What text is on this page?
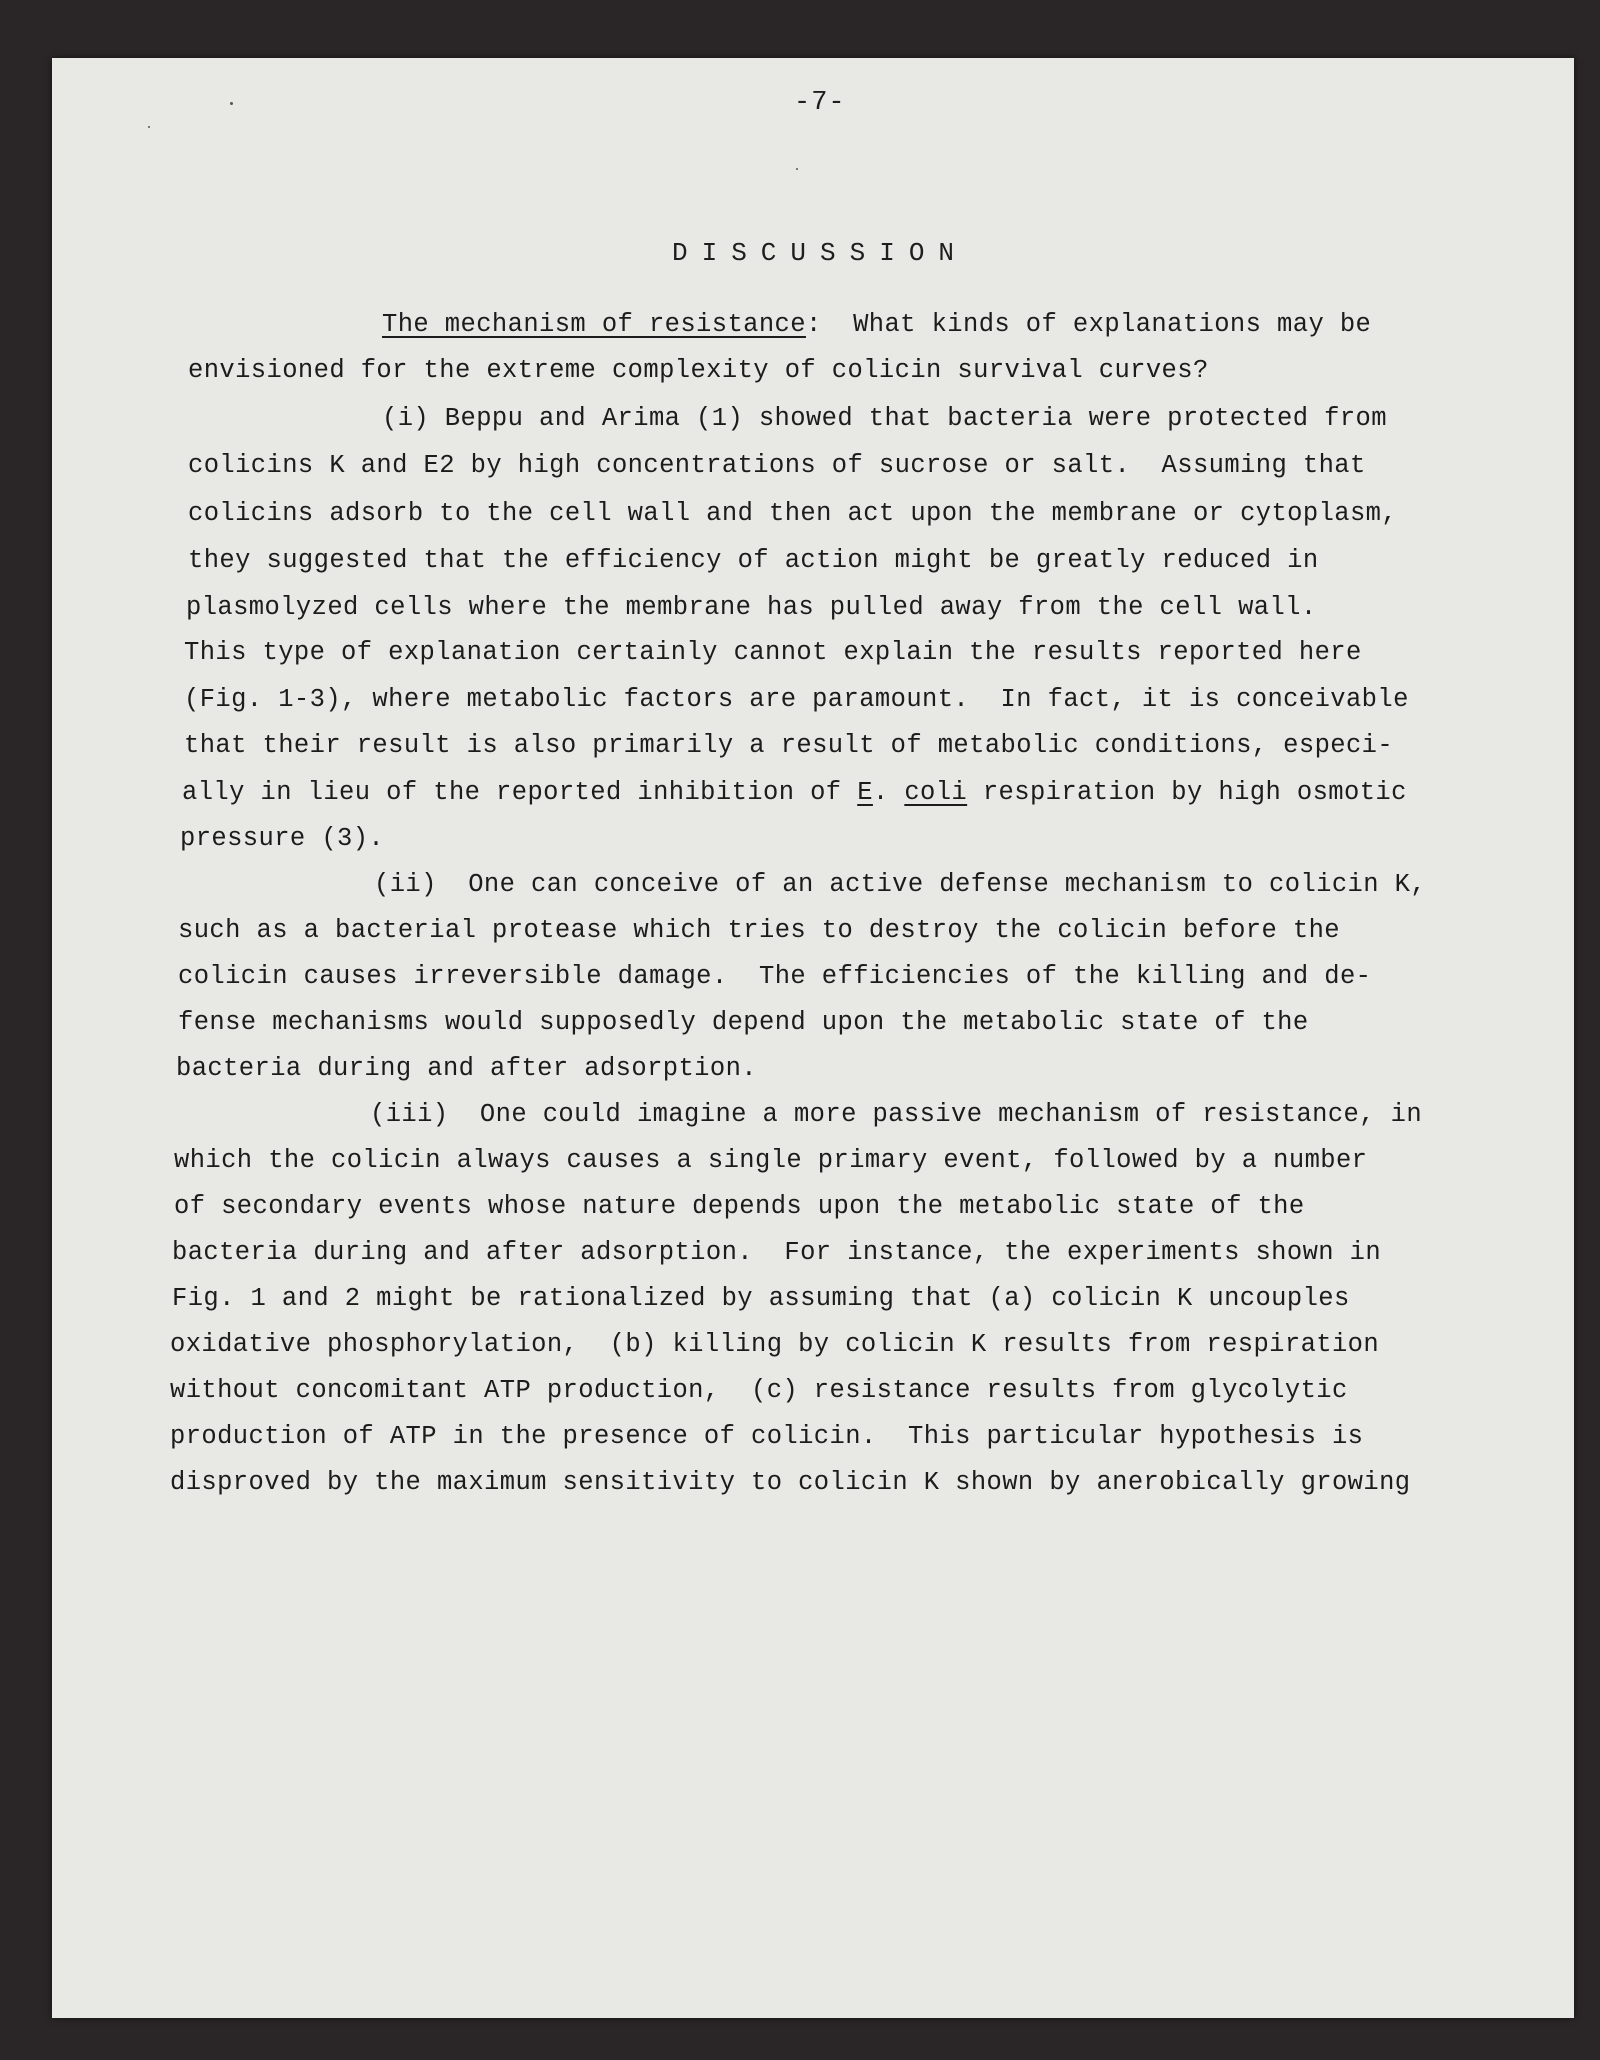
-7-
DISCUSSION
The mechanism of resistance:  What kinds of explanations may be
envisioned for the extreme complexity of colicin survival curves?
(i) Beppu and Arima (1) showed that bacteria were protected from
colicins K and E2 by high concentrations of sucrose or salt.  Assuming that
colicins adsorb to the cell wall and then act upon the membrane or cytoplasm,
they suggested that the efficiency of action might be greatly reduced in
plasmolyzed cells where the membrane has pulled away from the cell wall.
This type of explanation certainly cannot explain the results reported here
(Fig. 1-3), where metabolic factors are paramount.  In fact, it is conceivable
that their result is also primarily a result of metabolic conditions, especi-
ally in lieu of the reported inhibition of E. coli respiration by high osmotic
pressure (3).
(ii)  One can conceive of an active defense mechanism to colicin K,
such as a bacterial protease which tries to destroy the colicin before the
colicin causes irreversible damage.  The efficiencies of the killing and de-
fense mechanisms would supposedly depend upon the metabolic state of the
bacteria during and after adsorption.
(iii)  One could imagine a more passive mechanism of resistance, in
which the colicin always causes a single primary event, followed by a number
of secondary events whose nature depends upon the metabolic state of the
bacteria during and after adsorption.  For instance, the experiments shown in
Fig. 1 and 2 might be rationalized by assuming that (a) colicin K uncouples
oxidative phosphorylation,  (b) killing by colicin K results from respiration
without concomitant ATP production,  (c) resistance results from glycolytic
production of ATP in the presence of colicin.  This particular hypothesis is
disproved by the maximum sensitivity to colicin K shown by anerobically growing
